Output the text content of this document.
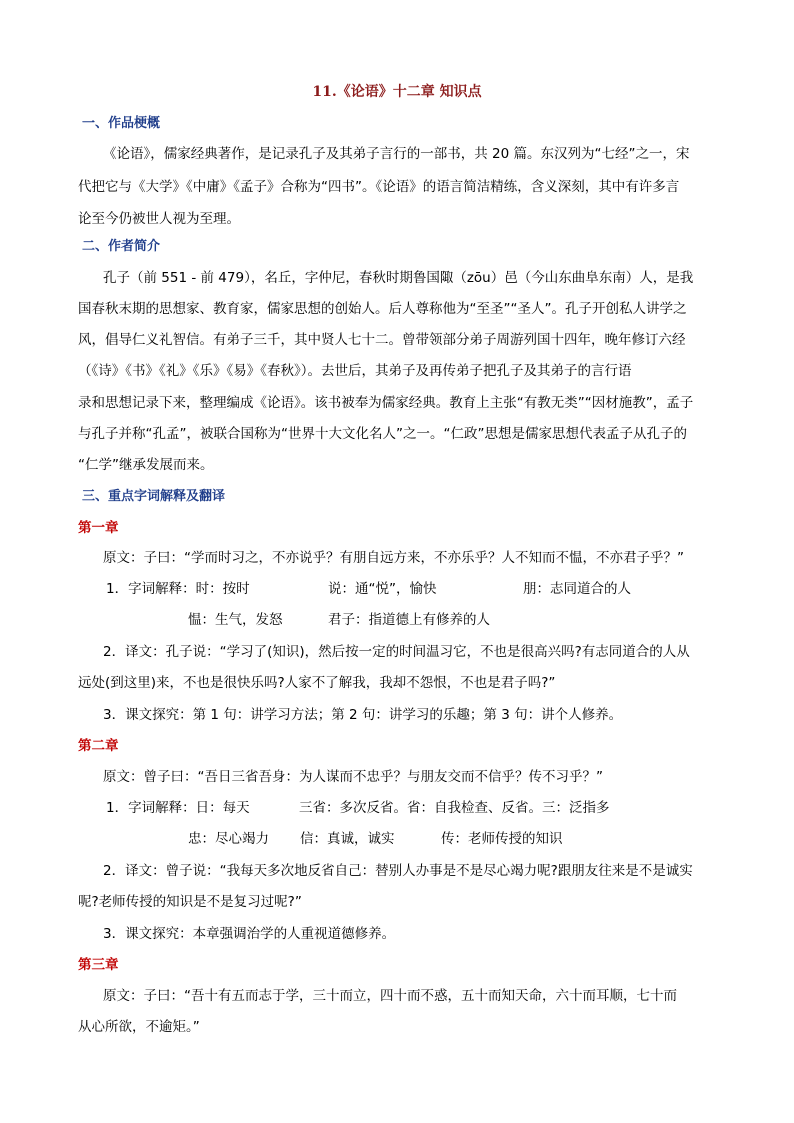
11.《论语》十二章 知识点
一、作品梗概
《论语》，儒家经典著作，是记录孔子及其弟子言行的一部书，共 20 篇。东汉列为“七经”之一，宋
代把它与《大学》《中庸》《孟子》合称为“四书”。《论语》的语言简洁精练，含义深刻，其中有许多言
论至今仍被世人视为至理。
二、作者简介
孔子（前 551 - 前 479），名丘，字仲尼，春秋时期鲁国陬（zōu）邑（今山东曲阜东南）人，是我
国春秋末期的思想家、教育家，儒家思想的创始人。后人尊称他为“至圣”“圣人”。孔子开创私人讲学之
风，倡导仁义礼智信。有弟子三千，其中贤人七十二。曾带领部分弟子周游列国十四年，晚年修订六经
（《诗》《书》《礼》《乐》《易》《春秋》）。去世后，其弟子及再传弟子把孔子及其弟子的言行语
录和思想记录下来，整理编成《论语》。该书被奉为儒家经典。教育上主张“有教无类”“因材施教”，孟子
与孔子并称“孔孟”，被联合国称为“世界十大文化名人”之一。“仁政”思想是儒家思想代表孟子从孔子的
“仁学”继承发展而来。
三、重点字词解释及翻译
第一章
原文：子曰：“学而时习之，不亦说乎？有朋自远方来，不亦乐乎？人不知而不愠，不亦君子乎？”
1．字词解释：时：按时	说：通“悦”，愉快	朋：志同道合的人
愠：生气，发怒	君子：指道德上有修养的人
2．译文：孔子说：“学习了(知识)，然后按一定的时间温习它，不也是很高兴吗?有志同道合的人从
远处(到这里)来，不也是很快乐吗?人家不了解我，我却不怨恨，不也是君子吗?”
3．课文探究：第 1 句：讲学习方法；第 2 句：讲学习的乐趣；第 3 句：讲个人修养。
第二章
原文：曾子曰：“吾日三省吾身：为人谋而不忠乎？与朋友交而不信乎？传不习乎？”
1．字词解释：日：每天	三省：多次反省。省：自我检查、反省。三：泛指多
忠：尽心竭力 信：真诚，诚实	传：老师传授的知识
2．译文：曾子说：“我每天多次地反省自己：替别人办事是不是尽心竭力呢?跟朋友往来是不是诚实
呢?老师传授的知识是不是复习过呢?”
3．课文探究：本章强调治学的人重视道德修养。
第三章
原文：子曰：“吾十有五而志于学，三十而立，四十而不惑，五十而知天命，六十而耳顺，七十而
从心所欲，不逾矩。”
